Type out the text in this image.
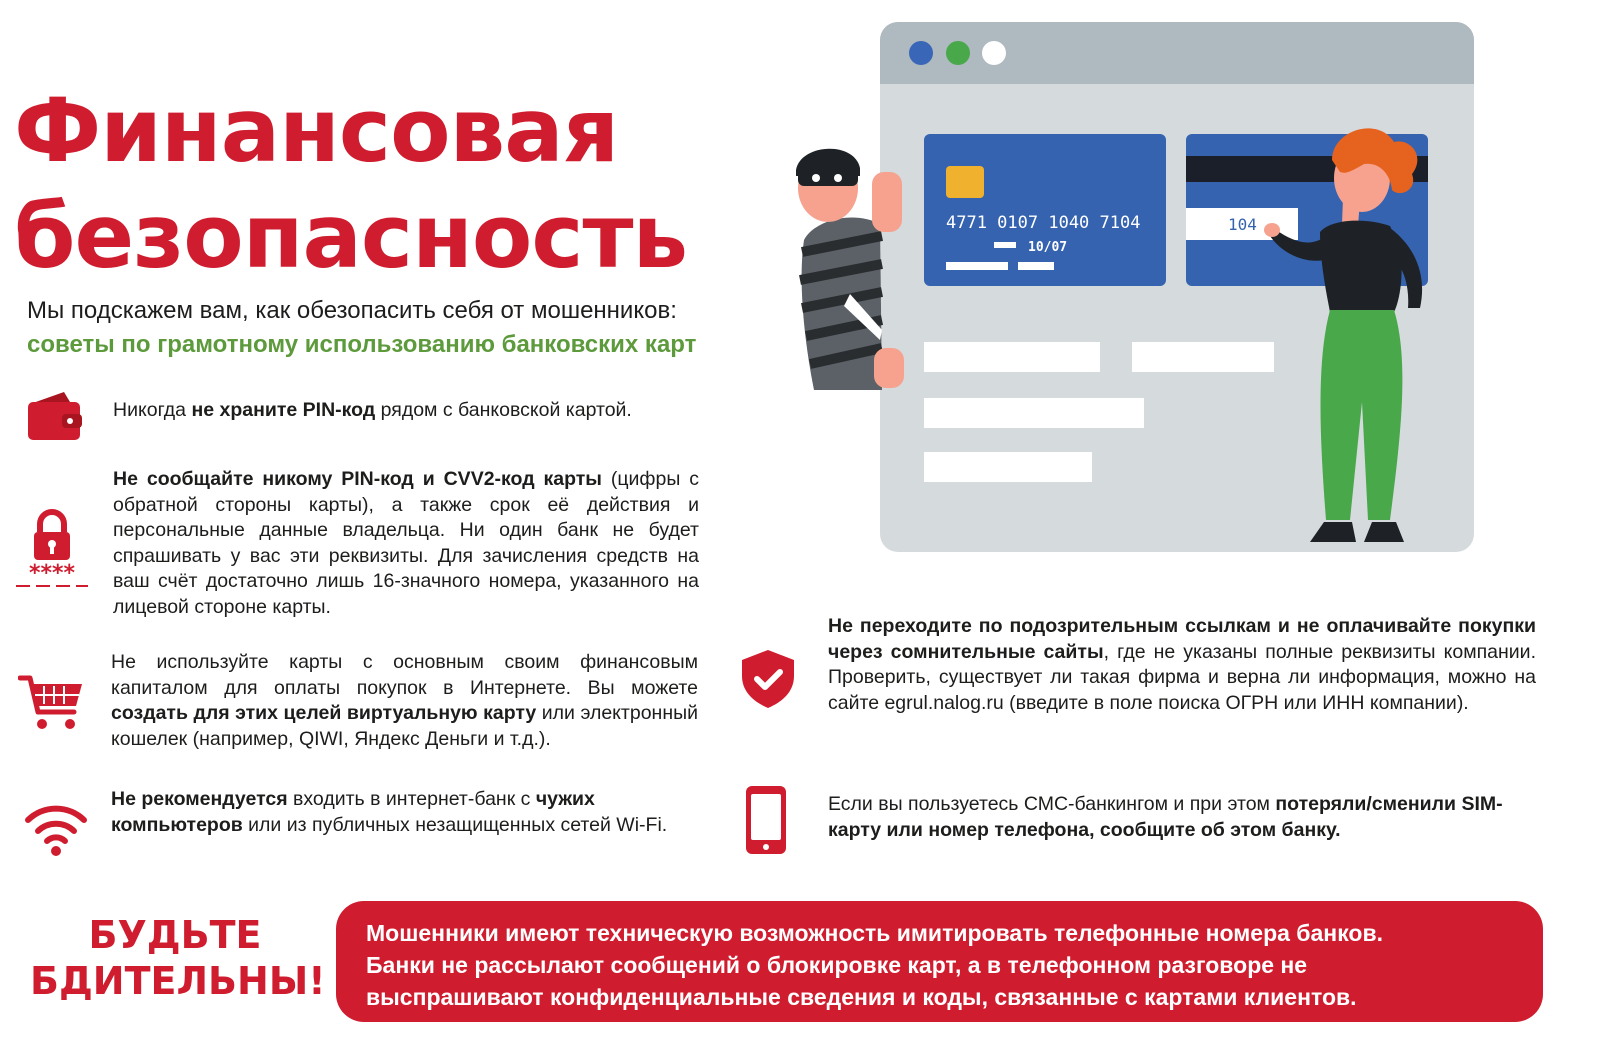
Финансовая
безопасность
Мы подскажем вам, как обезопасить себя от мошенников:
советы по грамотному использованию банковских карт
Никогда не храните PIN-код рядом с банковской картой.
****
Не сообщайте никому PIN-код и CVV2-код карты (цифры с обратной стороны карты), а также срок её действия и персональные данные владельца. Ни один банк не будет спрашивать у вас эти реквизиты. Для зачисления средств на ваш счёт достаточно лишь 16-значного номера, указанного на лицевой стороне карты.
Не используйте карты с основным своим финансовым капиталом для оплаты покупок в Интернете. Вы можете создать для этих целей виртуальную карту или электронный кошелек (например, QIWI, Яндекс Деньги и т.д.).
Не рекомендуется входить в интернет-банк с чужих компьютеров или из публичных незащищенных сетей Wi-Fi.
Не переходите по подозрительным ссылкам и не оплачивайте покупки через сомнительные сайты, где не указаны полные реквизиты компании. Проверить, существует ли такая фирма и верна ли информация, можно на сайте egrul.nalog.ru (введите в поле поиска ОГРН или ИНН компании).
Если вы пользуетесь СМС-банкингом и при этом потеряли/сменили SIM-карту или номер телефона, сообщите об этом банку.
БУДЬТЕ
БДИТЕЛЬНЫ!
Мошенники имеют техническую возможность имитировать телефонные номера банков.
Банки не рассылают сообщений о блокировке карт, а в телефонном разговоре не
выспрашивают конфиденциальные сведения и коды, связанные с картами клиентов.
4771 0107 1040 7104
10/07
104
